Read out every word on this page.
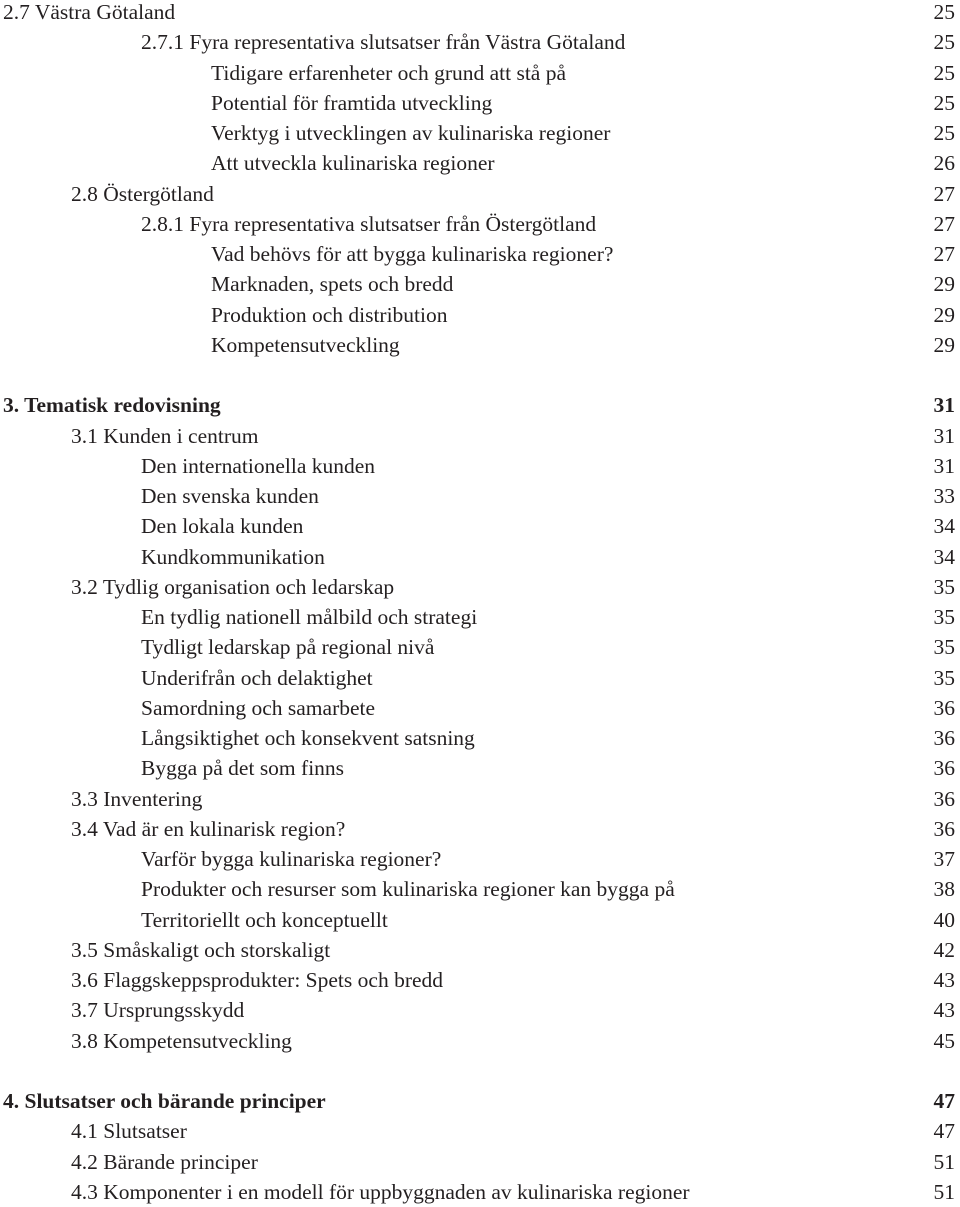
2.7 Västra Götaland	25
2.7.1 Fyra representativa slutsatser från Västra Götaland	25
Tidigare erfarenheter och grund att stå på	25
Potential för framtida utveckling	25
Verktyg i utvecklingen av kulinariska regioner	25
Att utveckla kulinariska regioner	26
2.8 Östergötland	27
2.8.1 Fyra representativa slutsatser från Östergötland	27
Vad behövs för att bygga kulinariska regioner?	27
Marknaden, spets och bredd	29
Produktion och distribution	29
Kompetensutveckling	29
3. Tematisk redovisning	31
3.1 Kunden i centrum	31
Den internationella kunden	31
Den svenska kunden	33
Den lokala kunden	34
Kundkommunikation	34
3.2 Tydlig organisation och ledarskap	35
En tydlig nationell målbild och strategi	35
Tydligt ledarskap på regional nivå	35
Underifrån och delaktighet	35
Samordning och samarbete	36
Långsiktighet och konsekvent satsning	36
Bygga på det som finns	36
3.3 Inventering	36
3.4 Vad är en kulinarisk region?	36
Varför bygga kulinariska regioner?	37
Produkter och resurser som kulinariska regioner kan bygga på	38
Territoriellt och konceptuellt	40
3.5 Småskaligt och storskaligt	42
3.6 Flaggskeppsprodukter: Spets och bredd	43
3.7 Ursprungsskydd	43
3.8 Kompetensutveckling	45
4. Slutsatser och bärande principer	47
4.1 Slutsatser	47
4.2 Bärande principer	51
4.3 Komponenter i en modell för uppbyggnaden av kulinariska regioner	51
